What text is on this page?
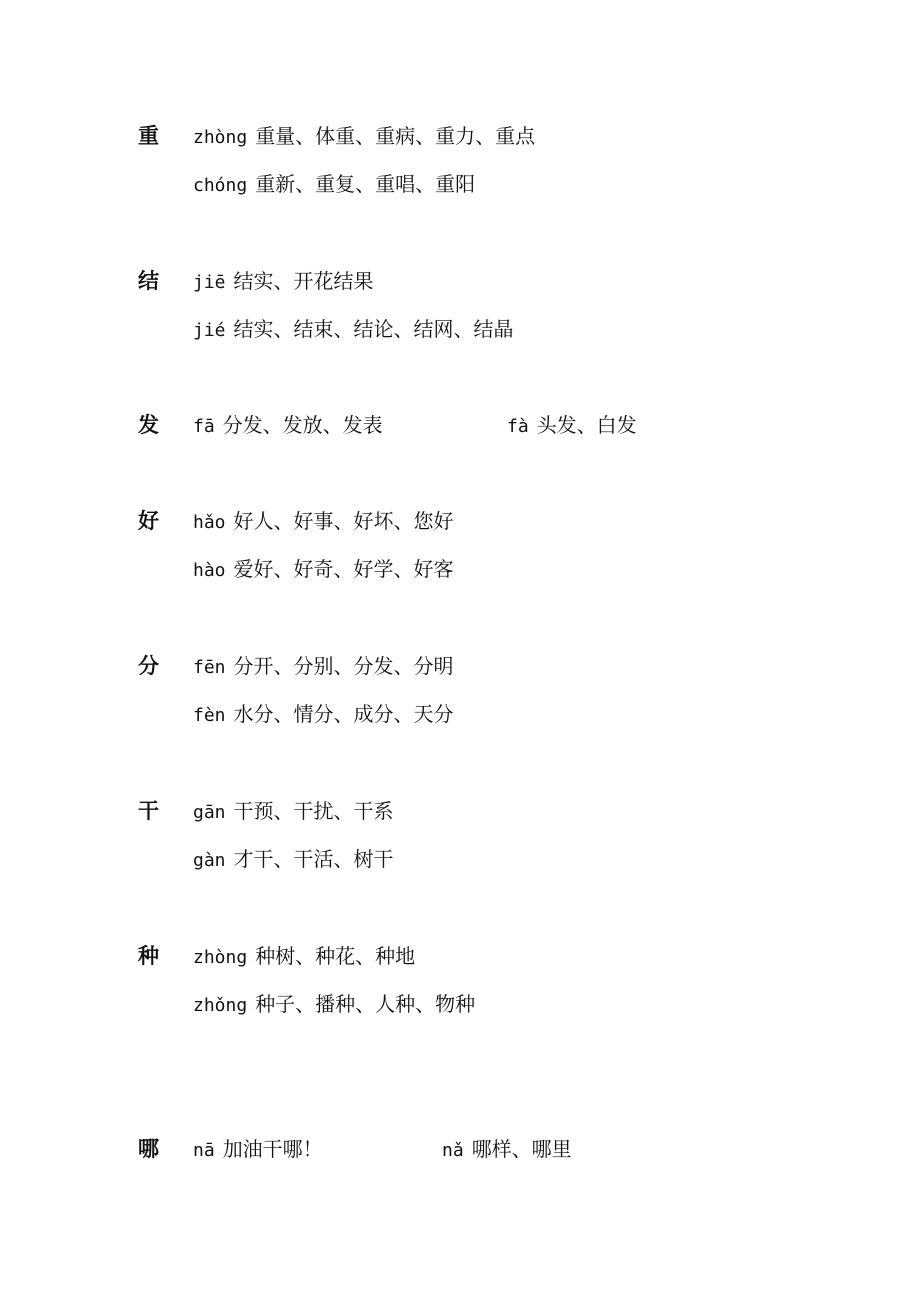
重 zhòng 重量、体重、重病、重力、重点
chóng 重新、重复、重唱、重阳
结 jiē 结实、开花结果
jié 结实、结束、结论、结网、结晶
发 fā 分发、发放、发表	fà 头发、白发
好 hǎo 好人、好事、好坏、您好
hào 爱好、好奇、好学、好客
分 fēn 分开、分别、分发、分明
fèn 水分、情分、成分、天分
干 gān 干预、干扰、干系
gàn 才干、干活、树干
种 zhòng 种树、种花、种地
zhǒng 种子、播种、人种、物种
哪 nā 加油干哪！	nǎ 哪样、哪里
